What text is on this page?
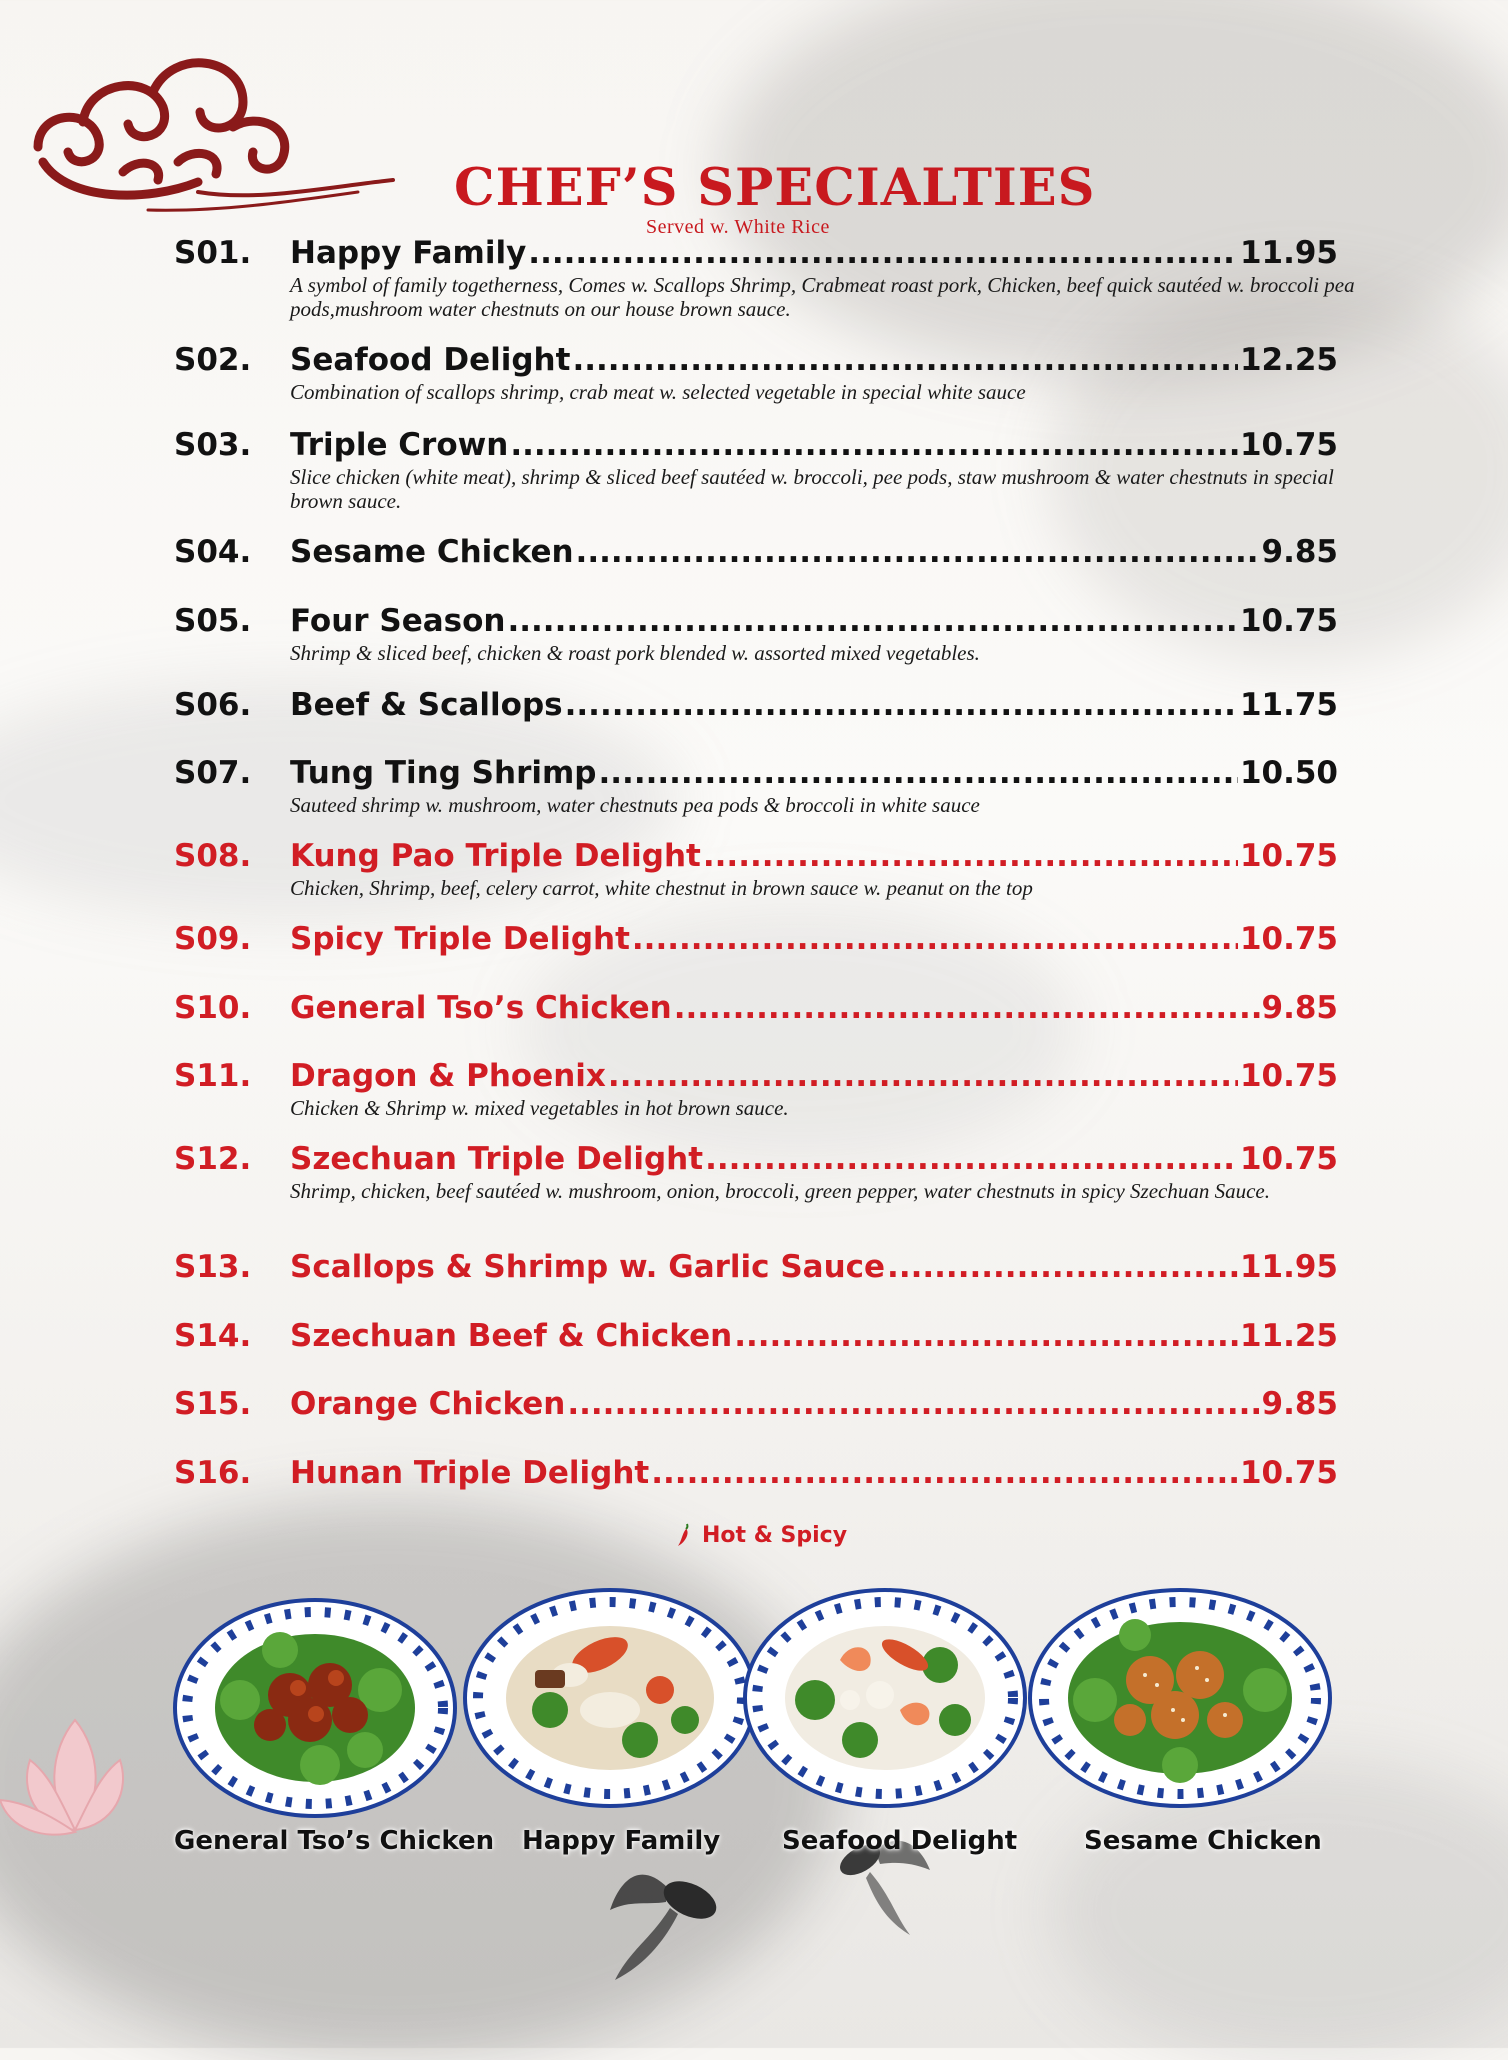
CHEF’S SPECIALTIES

Served w. White Rice

S01.	Happy Family .....	11.95
A symbol of family togetherness, Comes w. Scallops Shrimp, Crabmeat roast pork, Chicken, beef quick sautéed w. broccoli pea pods,mushroom water chestnuts on our house brown sauce.
S02.	Seafood Delight .....	12.25
Combination of scallops shrimp, crab meat w. selected vegetable in special white sauce
S03.	Triple Crown .....	10.75
Slice chicken (white meat), shrimp & sliced beef sautéed w. broccoli, pee pods, staw mushroom & water chestnuts in special brown sauce.
S04.	Sesame Chicken .....	9.85
S05.	Four Season .....	10.75
Shrimp & sliced beef, chicken & roast pork blended w. assorted mixed vegetables.
S06.	Beef & Scallops .....	11.75
S07.	Tung Ting Shrimp .....	10.50
Sauteed shrimp w. mushroom, water chestnuts pea pods & broccoli in white sauce
S08.	Kung Pao Triple Delight .....	10.75
Chicken, Shrimp, beef, celery carrot, white chestnut in brown sauce w. peanut on the top
S09.	Spicy Triple Delight .....	10.75
S10.	General Tso’s Chicken .....	9.85
S11.	Dragon & Phoenix .....	10.75
Chicken & Shrimp w. mixed vegetables in hot brown sauce.
S12.	Szechuan Triple Delight .....	10.75
Shrimp, chicken, beef sautéed w. mushroom, onion, broccoli, green pepper, water chestnuts in spicy Szechuan Sauce.
S13.	Scallops & Shrimp w. Garlic Sauce .....	11.95
S14.	Szechuan Beef & Chicken .....	11.25
S15.	Orange Chicken .....	9.85
S16.	Hunan Triple Delight .....	10.75
Hot & Spicy
General Tso’s Chicken Happy Family Seafood Delight	Sesame Chicken
